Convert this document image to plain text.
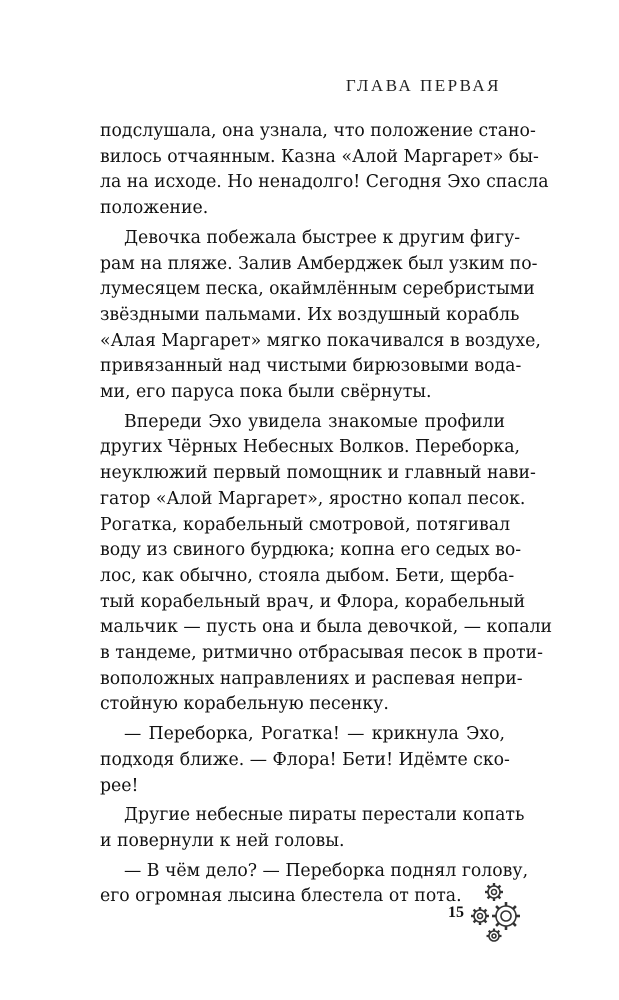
ГЛАВА ПЕРВАЯ
подслушала, она узнала, что положение стано-
вилось отчаянным. Казна «Алой Маргарет» бы-
ла на исходе. Но ненадолго! Сегодня Эхо спасла
положение.
Девочка побежала быстрее к другим фигу-
рам на пляже. Залив Амберджек был узким по-
лумесяцем песка, окаймлённым серебристыми
звёздными пальмами. Их воздушный корабль
«Алая Маргарет» мягко покачивался в воздухе,
привязанный над чистыми бирюзовыми вода-
ми, его паруса пока были свёрнуты.
Впереди Эхо увидела знакомые профили
других Чёрных Небесных Волков. Переборка,
неуклюжий первый помощник и главный нави-
гатор «Алой Маргарет», яростно копал песок.
Рогатка, корабельный смотровой, потягивал
воду из свиного бурдюка; копна его седых во-
лос, как обычно, стояла дыбом. Бети, щерба-
тый корабельный врач, и Флора, корабельный
мальчик — пусть она и была девочкой, — копали
в тандеме, ритмично отбрасывая песок в проти-
воположных направлениях и распевая непри-
стойную корабельную песенку.
— Переборка, Рогатка! — крикнула Эхо,
подходя ближе. — Флора! Бети! Идёмте ско-
рее!
Другие небесные пираты перестали копать
и повернули к ней головы.
— В чём дело? — Переборка поднял голову,
его огромная лысина блестела от пота.
15
